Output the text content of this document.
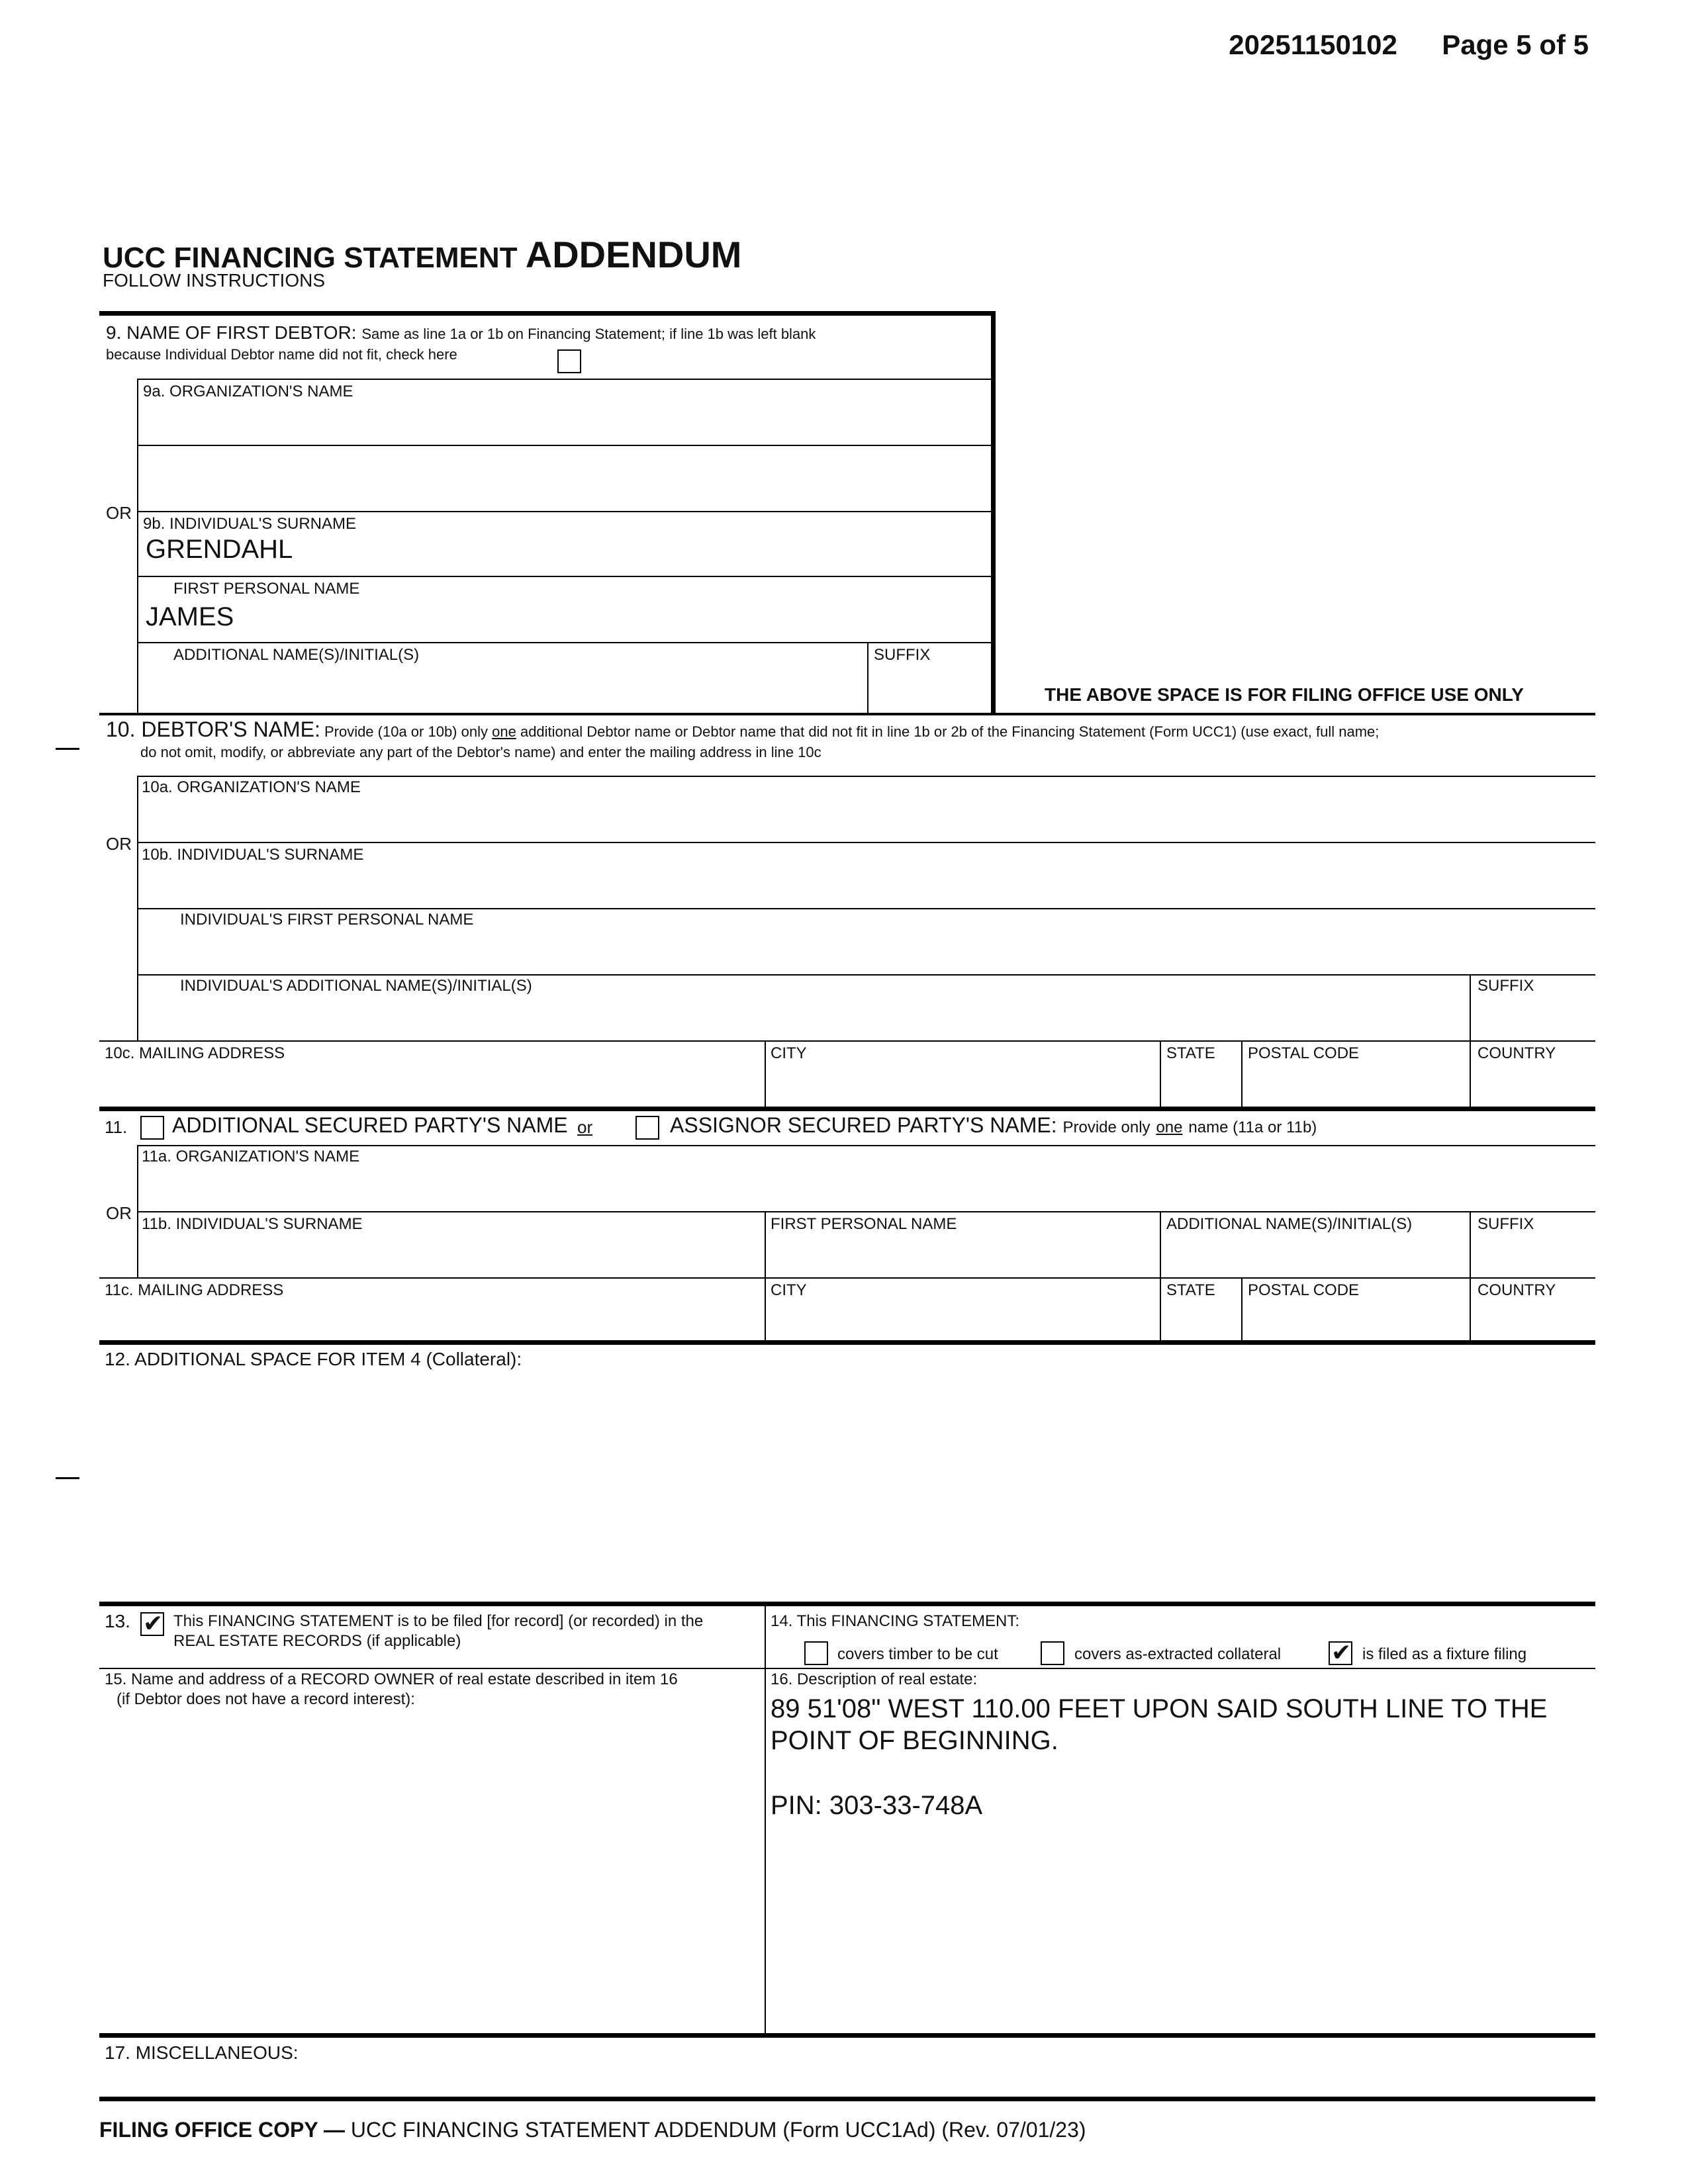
20251150102 Page 5 of 5
UCC FINANCING STATEMENT ADDENDUM
FOLLOW INSTRUCTIONS
9. NAME OF FIRST DEBTOR: Same as line 1a or 1b on Financing Statement; if line 1b was left blank
because Individual Debtor name did not fit, check here
9a. ORGANIZATION'S NAME
OR
9b. INDIVIDUAL'S SURNAME
GRENDAHL
FIRST PERSONAL NAME
JAMES
ADDITIONAL NAME(S)/INITIAL(S)	SUFFIX
THE ABOVE SPACE IS FOR FILING OFFICE USE ONLY
10. DEBTOR'S NAME: Provide (10a or 10b) only one additional Debtor name or Debtor name that did not fit in line 1b or 2b of the Financing Statement (Form UCC1) (use exact, full name;
do not omit, modify, or abbreviate any part of the Debtor's name) and enter the mailing address in line 10c
10a. ORGANIZATION'S NAME
OR
10b. INDIVIDUAL'S SURNAME
INDIVIDUAL'S FIRST PERSONAL NAME
INDIVIDUAL'S ADDITIONAL NAME(S)/INITIAL(S)	SUFFIX
10c. MAILING ADDRESS	CITY	STATE POSTAL CODE	COUNTRY
11. ADDITIONAL SECURED PARTY'S NAME or	ASSIGNOR SECURED PARTY'S NAME: Provide only one name (11a or 11b)
11a. ORGANIZATION'S NAME
OR
11b. INDIVIDUAL'S SURNAME	FIRST PERSONAL NAME	ADDITIONAL NAME(S)/INITIAL(S)	SUFFIX
11c. MAILING ADDRESS	CITY	STATE POSTAL CODE	COUNTRY
12. ADDITIONAL SPACE FOR ITEM 4 (Collateral):
13. ✔	This FINANCING STATEMENT is to be filed [for record] (or recorded) in the
REAL ESTATE RECORDS (if applicable)
14. This FINANCING STATEMENT:
covers timber to be cut	covers as-extracted collateral ✔	is filed as a fixture filing
15. Name and address of a RECORD OWNER of real estate described in item 16
(if Debtor does not have a record interest):
16. Description of real estate:
89 51'08" WEST 110.00 FEET UPON SAID SOUTH LINE TO THE
POINT OF BEGINNING.
PIN: 303-33-748A
17. MISCELLANEOUS:
FILING OFFICE COPY — UCC FINANCING STATEMENT ADDENDUM (Form UCC1Ad) (Rev. 07/01/23)
